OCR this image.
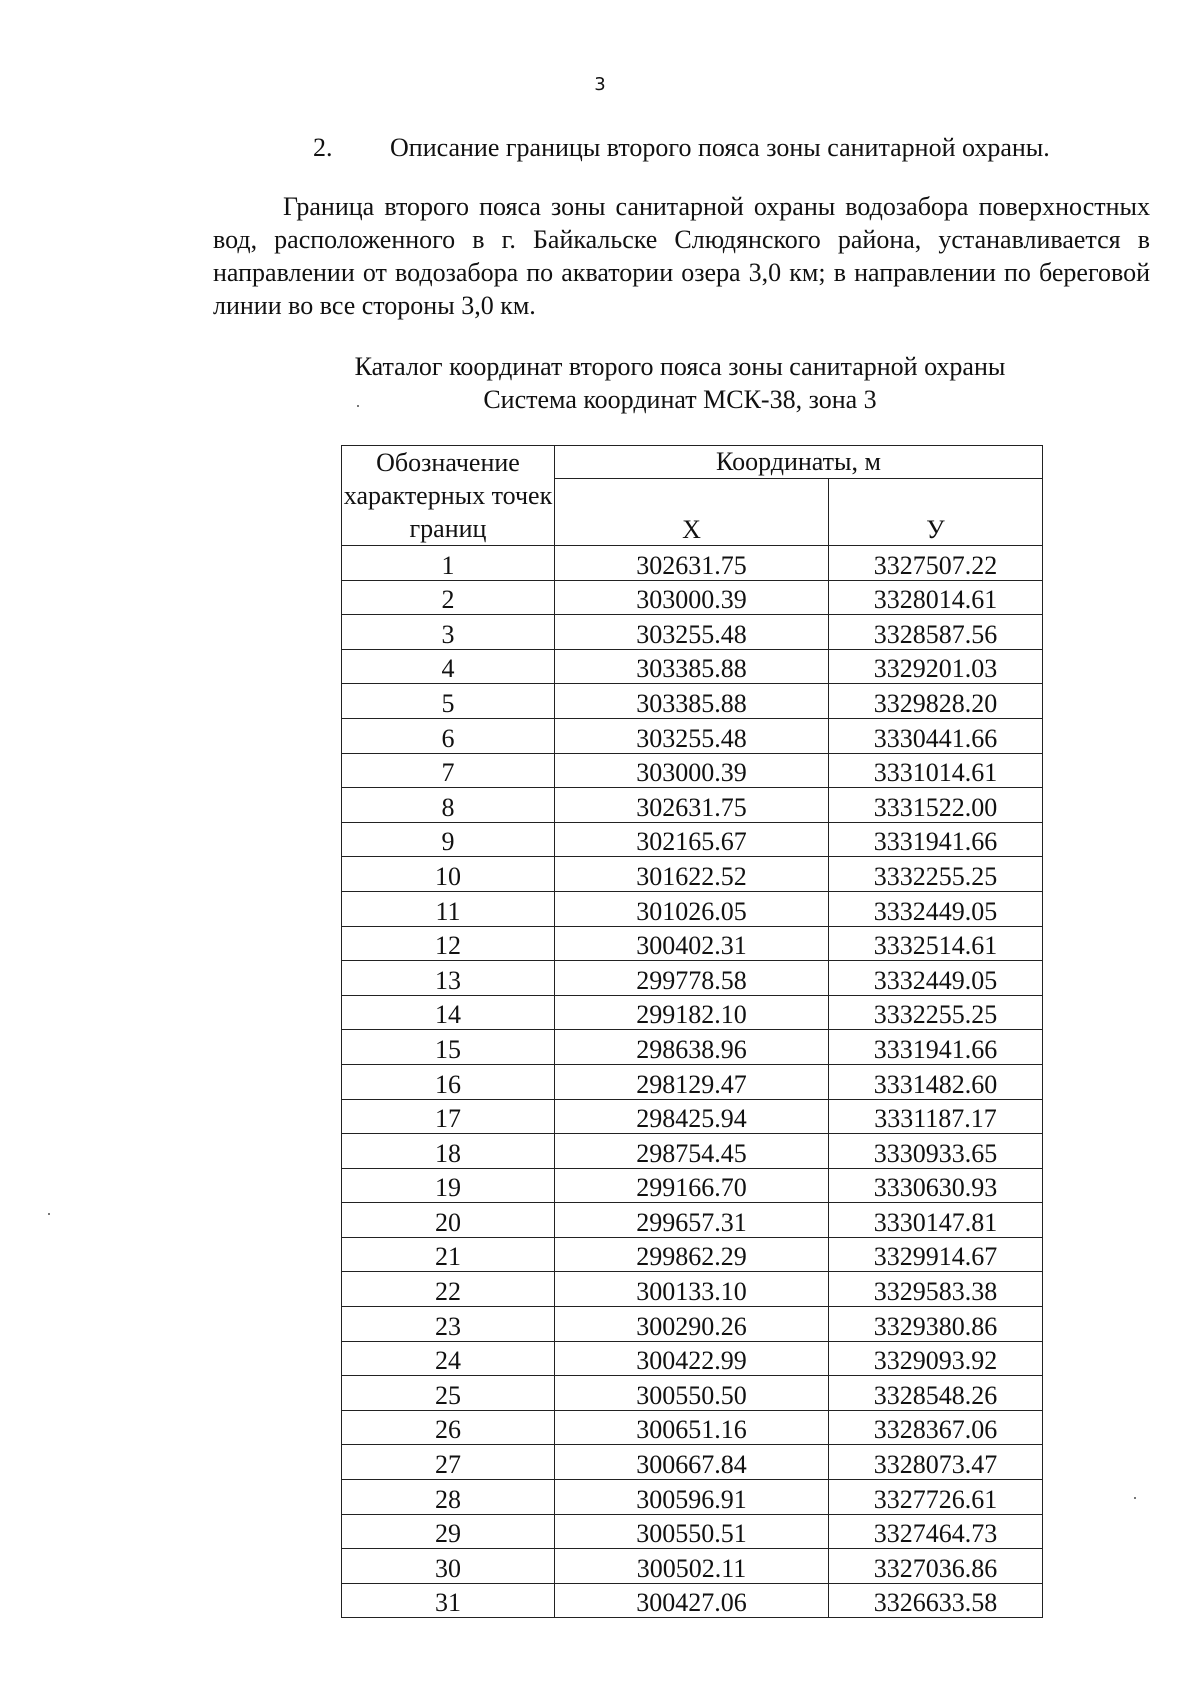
3
2. Описание границы второго пояса зоны санитарной охраны.

Граница второго пояса зоны санитарной охраны водозабора поверхностных вод, расположенного в г. Байкальске Слюдянского района, устанавливается в направлении от водозабора по акватории озера 3,0 км; в направлении по береговой линии во все стороны 3,0 км.

Каталог координат второго пояса зоны санитарной охраны
Система координат МСК-38, зона 3
Обозначение характерных точек границ	Координаты, м	
	X	У
1	302631.75	3327507.22
2	303000.39	3328014.61
3	303255.48	3328587.56
4	303385.88	3329201.03
5	303385.88	3329828.20
6	303255.48	3330441.66
7	303000.39	3331014.61
8	302631.75	3331522.00
9	302165.67	3331941.66
10	301622.52	3332255.25
11	301026.05	3332449.05
12	300402.31	3332514.61
13	299778.58	3332449.05
14	299182.10	3332255.25
15	298638.96	3331941.66
16	298129.47	3331482.60
17	298425.94	3331187.17
18	298754.45	3330933.65
19	299166.70	3330630.93
20	299657.31	3330147.81
21	299862.29	3329914.67
22	300133.10	3329583.38
23	300290.26	3329380.86
24	300422.99	3329093.92
25	300550.50	3328548.26
26	300651.16	3328367.06
27	300667.84	3328073.47
28	300596.91	3327726.61
29	300550.51	3327464.73
30	300502.11	3327036.86
31	300427.06	3326633.58
